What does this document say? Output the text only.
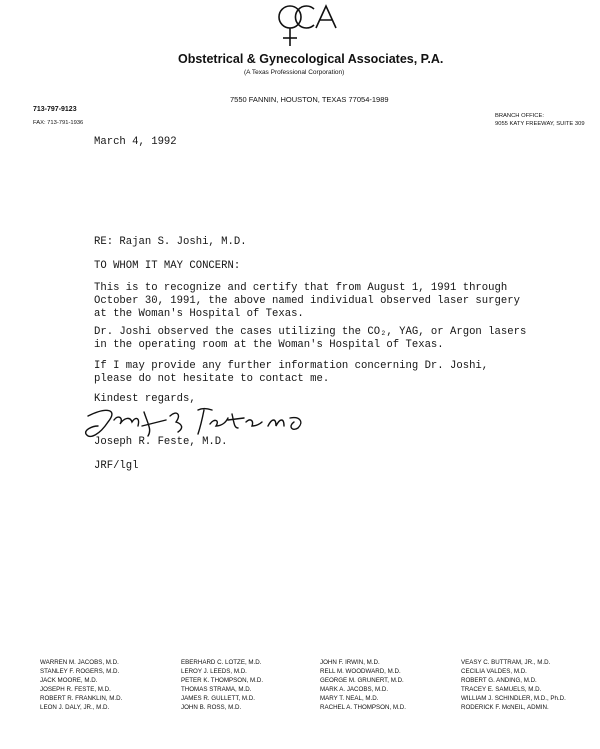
Obstetrical & Gynecological Associates, P.A.
(A Texas Professional Corporation)
7550 FANNIN, HOUSTON, TEXAS 77054-1989
713-797-9123
FAX: 713-791-1936
BRANCH OFFICE:
9055 KATY FREEWAY, SUITE 309
March 4, 1992
RE: Rajan S. Joshi, M.D.
TO WHOM IT MAY CONCERN:
This is to recognize and certify that from August 1, 1991 through
October 30, 1991, the above named individual observed laser surgery
at the Woman's Hospital of Texas.
Dr. Joshi observed the cases utilizing the CO₂, YAG, or Argon lasers
in the operating room at the Woman's Hospital of Texas.
If I may provide any further information concerning Dr. Joshi,
please do not hesitate to contact me.
Kindest regards,
Joseph R. Feste, M.D.
JRF/lgl
WARREN M. JACOBS, M.D.
STANLEY F. ROGERS, M.D.
JACK MOORE, M.D.
JOSEPH R. FESTE, M.D.
ROBERT R. FRANKLIN, M.D.
LEON J. DALY, JR., M.D.
EBERHARD C. LOTZE, M.D.
LEROY J. LEEDS, M.D.
PETER K. THOMPSON, M.D.
THOMAS STRAMA, M.D.
JAMES R. GULLETT, M.D.
JOHN B. ROSS, M.D.
JOHN F. IRWIN, M.D.
RELL M. WOODWARD, M.D.
GEORGE M. GRUNERT, M.D.
MARK A. JACOBS, M.D.
MARY T. NEAL, M.D.
RACHEL A. THOMPSON, M.D.
VEASY C. BUTTRAM, JR., M.D.
CECILIA VALDES, M.D.
ROBERT G. ANDING, M.D.
TRACEY E. SAMUELS, M.D.
WILLIAM J. SCHINDLER, M.D., Ph.D.
RODERICK F. McNEIL, ADMIN.
